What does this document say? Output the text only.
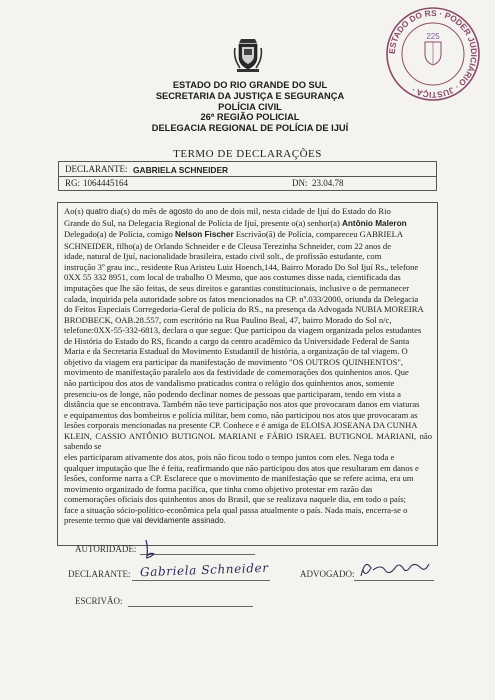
ESTADO DO RS · PODER JUDICIÁRIO · JUSTIÇA ·
225
ESTADO DO RIO GRANDE DO SUL
SECRETARIA DA JUSTIÇA E SEGURANÇA
POLÍCIA CIVIL
26ª REGIÃO POLICIAL
DELEGACIA REGIONAL DE POLÍCIA DE IJUÍ
TERMO DE DECLARAÇÕES
DECLARANTE: GABRIELA SCHNEIDER
RG: 1064445164	DN: 23.04.78
Ao(s) quatro dia(s) do mês de agosto do ano de dois mil, nesta cidade de Ijuí do Estado do Rio
Grande do Sul, na Delegacia Regional de Polícia de Ijuí, presente o(a) senhor(a) Antônio Maleron
Delegado(a) de Polícia, comigo Nelson Fischer Escrivão(ã) de Polícia, compareceu GABRIELA
SCHNEIDER, filho(a) de Orlando Schneider e de Cleusa Terezinha Schneider, com 22 anos de
idade, natural de Ijuí, nacionalidade brasileira, estado civil solt., de profissão estudante, com
instrução 3º grau inc., residente Rua Aristeu Luiz Hoench,144, Bairro Morado Do Sol Ijuí Rs., telefone
0XX 55 332 8951, com local de trabalho O Mesmo, que aos costumes disse nada, cientificada das
imputações que lhe são feitas, de seus direitos e garantias constitucionais, inclusive o de permanecer
calada, inquirida pela autoridade sobre os fatos mencionados na CP. nº.033/2000, oriunda da Delegacia
do Feitos Especiais Corregedoria-Geral de polícia do RS., na presença da Advogada NUBIA MOREIRA
BRODBECK, OAB.28.557, com escritório na Rua Paulino Beal, 47, bairro Morado do Sol n/c,
telefone:0XX-55-332-6813, declara o que segue: Que participou da viagem organizada pelos estudantes
de História do Estado do RS, ficando a cargo da centro acadêmico da Universidade Federal de Santa
Maria e da Secretaria Estadual do Movimento Estudantil de história, a organização de tal viagem. O
objetivo da viagem era participar da manifestação de movimento "OS OUTROS QUINHENTOS",
movimento de manifestação paralelo aos da festividade de comemorações dos quinhentos anos. Que
não participou dos atos de vandalismo praticados contra o relógio dos quinhentos anos, somente
presenciu-os de longe, não podendo declinar nomes de pessoas que participaram, tendo em vista a
distância que se encontrava. Também não teve participação nos atos que provocaram danos em viaturas
e equipamentos dos bombeiros e polícia militar, bem como, não participou nos atos que provocaram as
lesões corporais mencionadas na presente CP. Conhece e é amiga de ELOISA JOSEANA DA CUNHA
KLEIN, CASSIO ANTÔNIO BUTIGNOL MARIANI e FÁBIO ISRAEL BUTIGNOL MARIANI, não sabendo se
eles participaram ativamente dos atos, pois não ficou todo o tempo juntos com eles. Nega toda e
qualquer imputação que lhe é feita, reafirmando que não participou dos atos que resultaram em danos e
lesões, conforme narra a CP. Esclarece que o movimento de manifestação que se refere acima, era um
movimento organizado de forma pacífica, que tinha como objetivo protestar em razão das
comemorações oficiais dos quinhentos anos do Brasil, que se realizava naquele dia, em todo o país;
face a situação sócio-político-econômica pela qual passa atualmente o país. Nada mais, encerra-se o
presente termo que vai devidamente assinado.
AUTORIDADE:
DECLARANTE: Gabriela Schneider	ADVOGADO:
ESCRIVÃO:
